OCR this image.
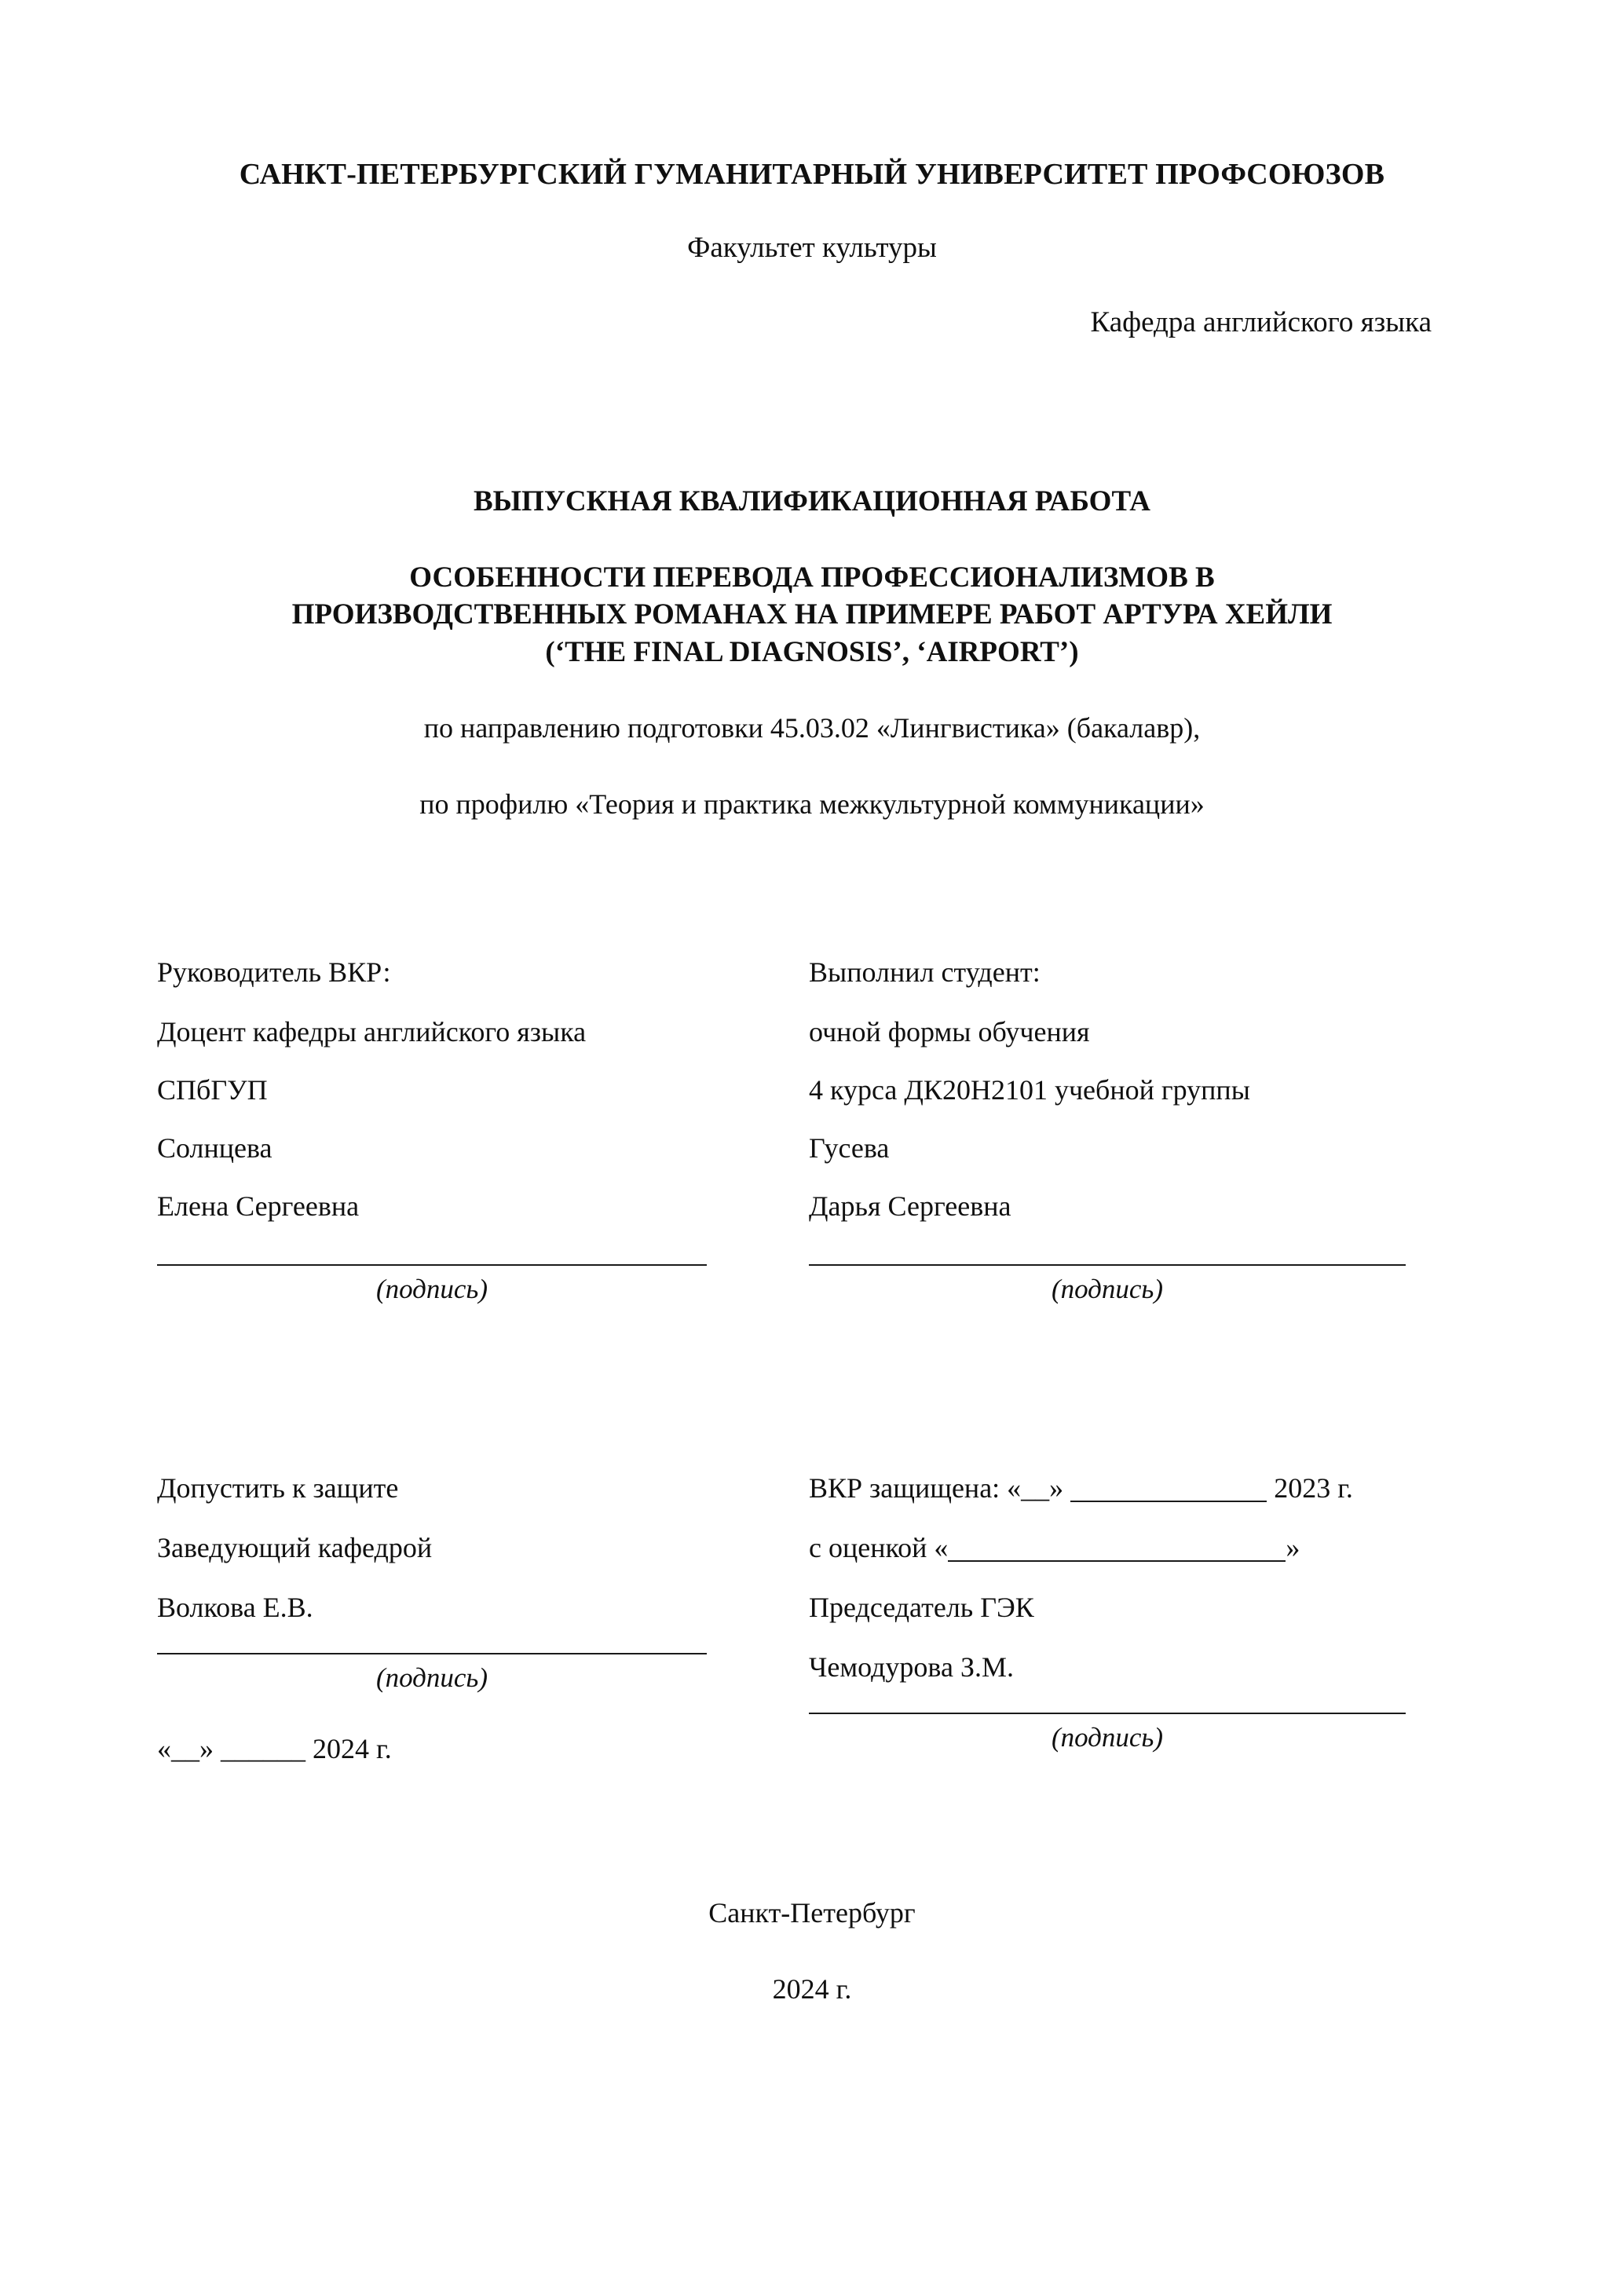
САНКТ-ПЕТЕРБУРГСКИЙ ГУМАНИТАРНЫЙ УНИВЕРСИТЕТ ПРОФСОЮЗОВ
Факультет культуры
Кафедра английского языка
ВЫПУСКНАЯ КВАЛИФИКАЦИОННАЯ РАБОТА
ОСОБЕННОСТИ ПЕРЕВОДА ПРОФЕССИОНАЛИЗМОВ В
ПРОИЗВОДСТВЕННЫХ РОМАНАХ НА ПРИМЕРЕ РАБОТ АРТУРА ХЕЙЛИ
(‘THE FINAL DIAGNOSIS’, ‘AIRPORT’)
по направлению подготовки 45.03.02 «Лингвистика» (бакалавр),
по профилю «Теория и практика межкультурной коммуникации»
Руководитель ВКР:
Доцент кафедры английского языка
СПбГУП
Солнцева
Елена Сергеевна
(подпись)
Выполнил студент:
очной формы обучения
4 курса ДК20Н2101 учебной группы
Гусева
Дарья Сергеевна
(подпись)
Допустить к защите
Заведующий кафедрой
Волкова Е.В.
(подпись)
«__» ______ 2024 г.
ВКР защищена: «__»	2023 г.
с оценкой «	»
Председатель ГЭК
Чемодурова З.М.
(подпись)
Санкт-Петербург
2024 г.
